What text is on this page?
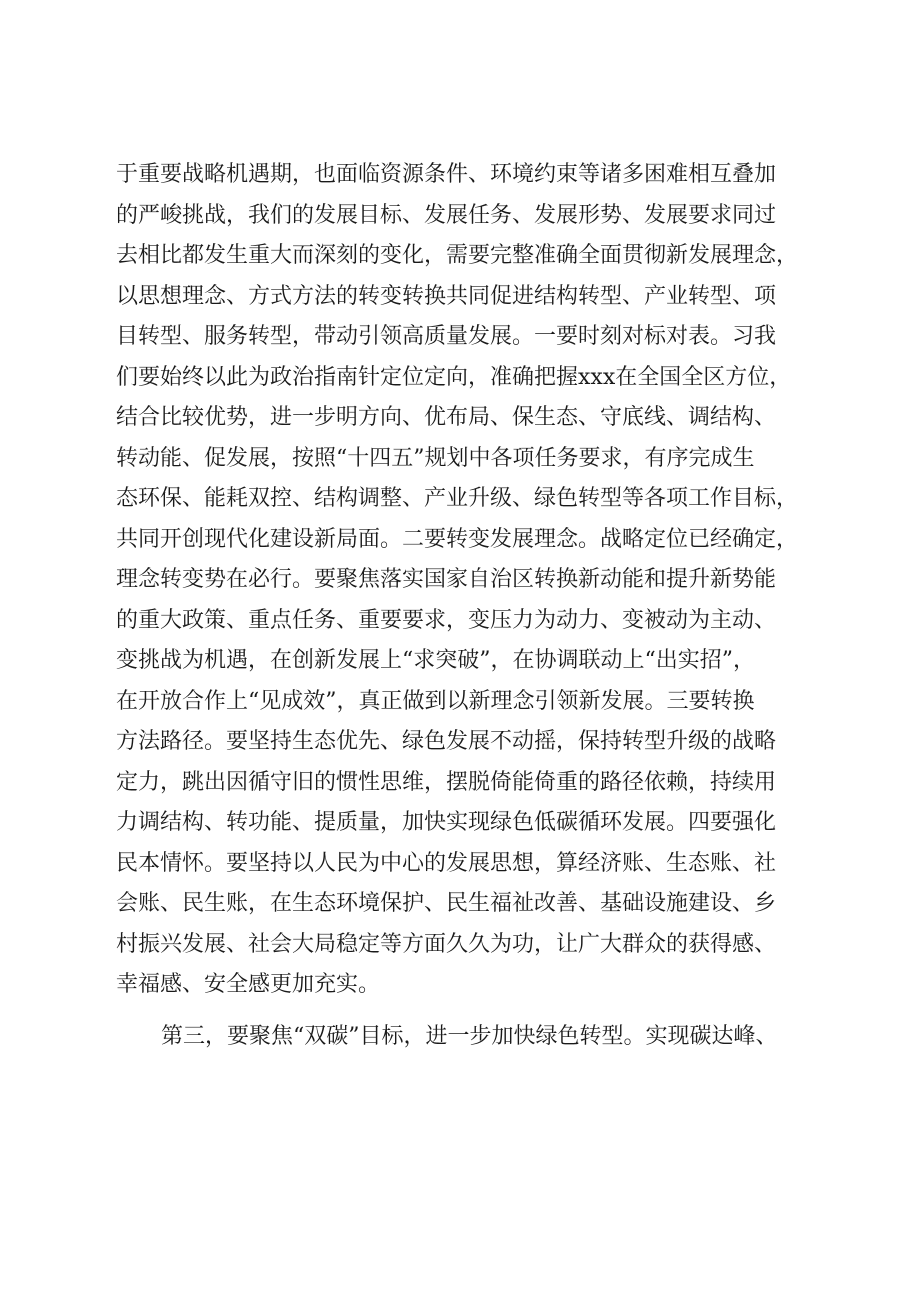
于重要战略机遇期，也面临资源条件、环境约束等诸多困难相互叠加
的严峻挑战，我们的发展目标、发展任务、发展形势、发展要求同过
去相比都发生重大而深刻的变化，需要完整准确全面贯彻新发展理念，
以思想理念、方式方法的转变转换共同促进结构转型、产业转型、项
目转型、服务转型，带动引领高质量发展。一要时刻对标对表。习我
们要始终以此为政治指南针定位定向，准确把握xxx在全国全区方位，
结合比较优势，进一步明方向、优布局、保生态、守底线、调结构、
转动能、促发展，按照“十四五”规划中各项任务要求，有序完成生
态环保、能耗双控、结构调整、产业升级、绿色转型等各项工作目标，
共同开创现代化建设新局面。二要转变发展理念。战略定位已经确定，
理念转变势在必行。要聚焦落实国家自治区转换新动能和提升新势能
的重大政策、重点任务、重要要求，变压力为动力、变被动为主动、
变挑战为机遇，在创新发展上“求突破”，在协调联动上“出实招”，
在开放合作上“见成效”，真正做到以新理念引领新发展。三要转换
方法路径。要坚持生态优先、绿色发展不动摇，保持转型升级的战略
定力，跳出因循守旧的惯性思维，摆脱倚能倚重的路径依赖，持续用
力调结构、转功能、提质量，加快实现绿色低碳循环发展。四要强化
民本情怀。要坚持以人民为中心的发展思想，算经济账、生态账、社
会账、民生账，在生态环境保护、民生福祉改善、基础设施建设、乡
村振兴发展、社会大局稳定等方面久久为功，让广大群众的获得感、
幸福感、安全感更加充实。
第三，要聚焦“双碳”目标，进一步加快绿色转型。实现碳达峰、
